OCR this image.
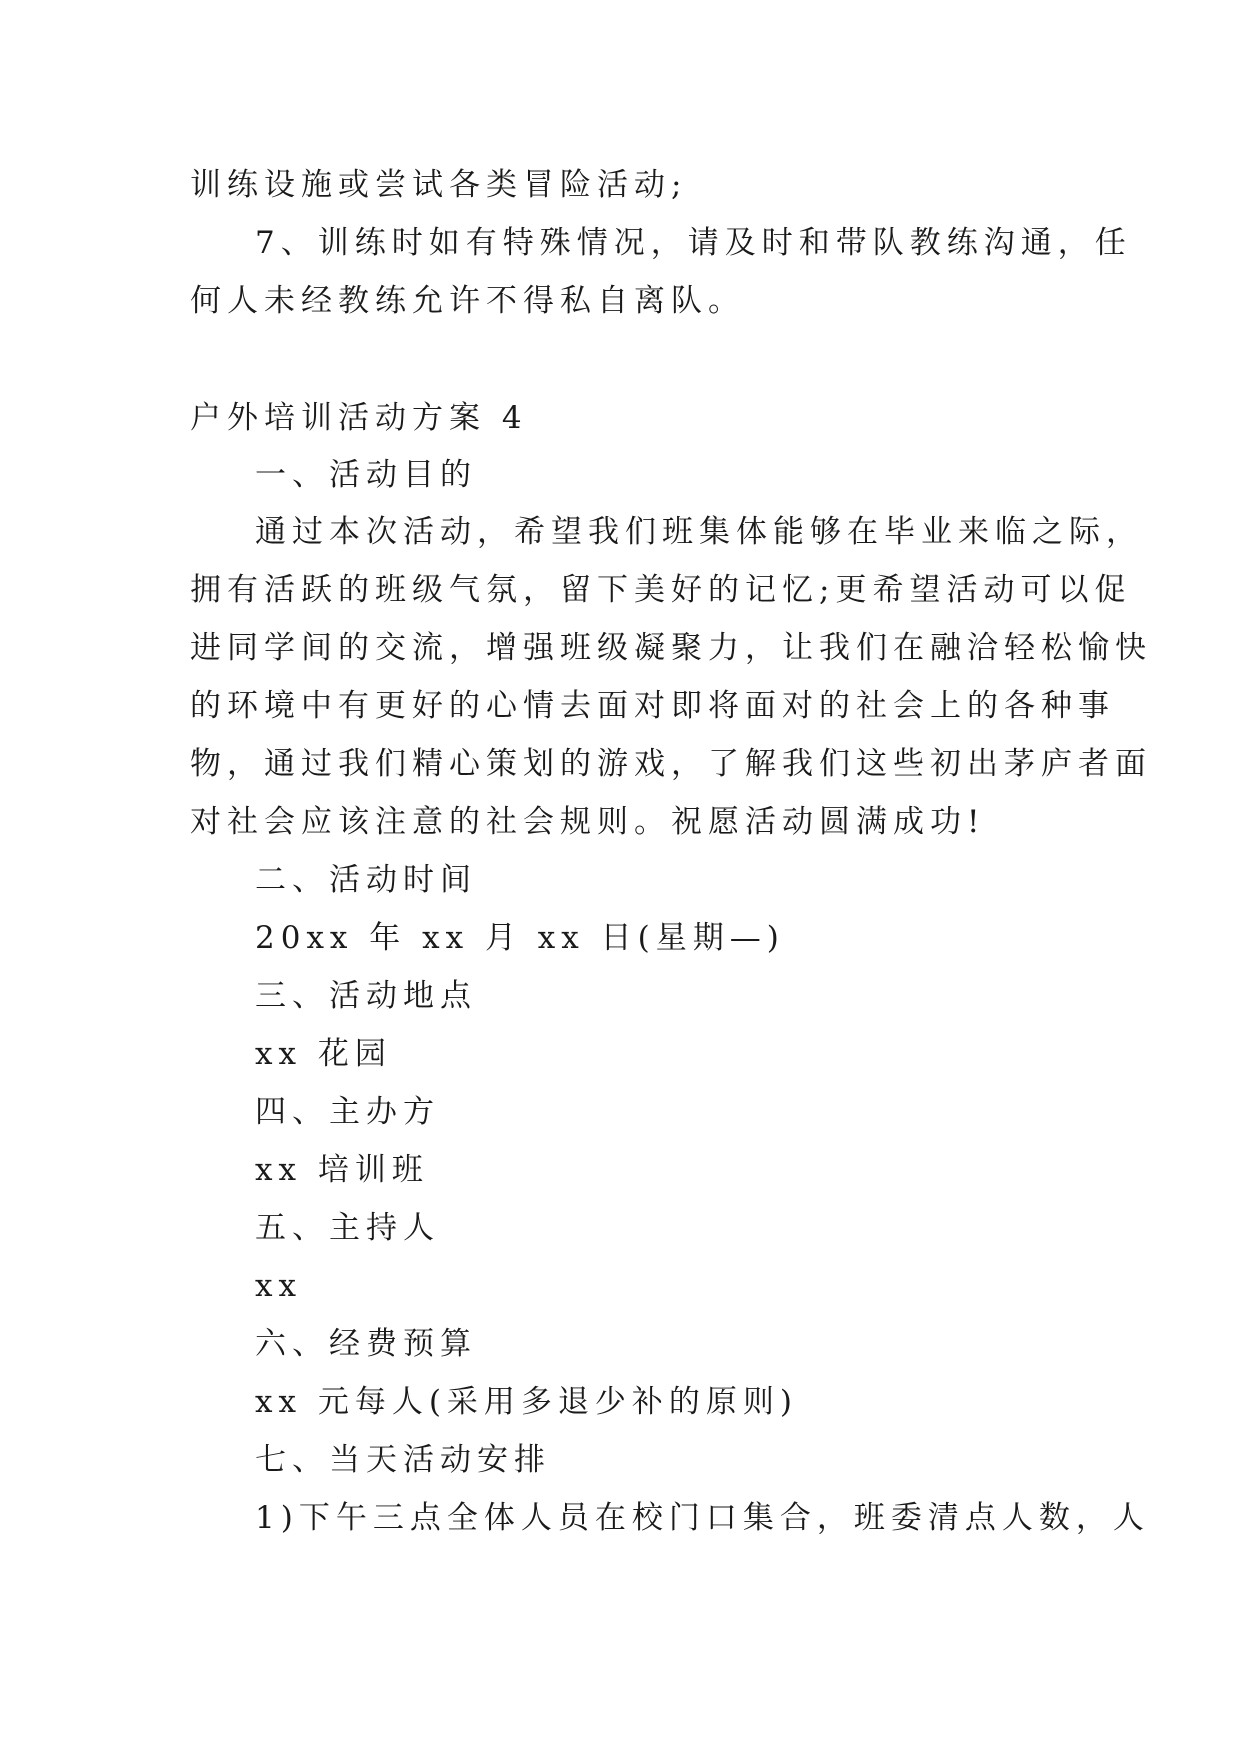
训练设施或尝试各类冒险活动;
7、训练时如有特殊情况，请及时和带队教练沟通，任
何人未经教练允许不得私自离队。
户外培训活动方案 4
一、活动目的
通过本次活动，希望我们班集体能够在毕业来临之际，
拥有活跃的班级气氛，留下美好的记忆;更希望活动可以促
进同学间的交流，增强班级凝聚力，让我们在融洽轻松愉快
的环境中有更好的心情去面对即将面对的社会上的各种事
物，通过我们精心策划的游戏，了解我们这些初出茅庐者面
对社会应该注意的社会规则。祝愿活动圆满成功!
二、活动时间
20xx 年 xx 月 xx 日(星期—)
三、活动地点
xx 花园
四、主办方
xx 培训班
五、主持人
xx
六、经费预算
xx 元每人(采用多退少补的原则)
七、当天活动安排
1)下午三点全体人员在校门口集合，班委清点人数，人
